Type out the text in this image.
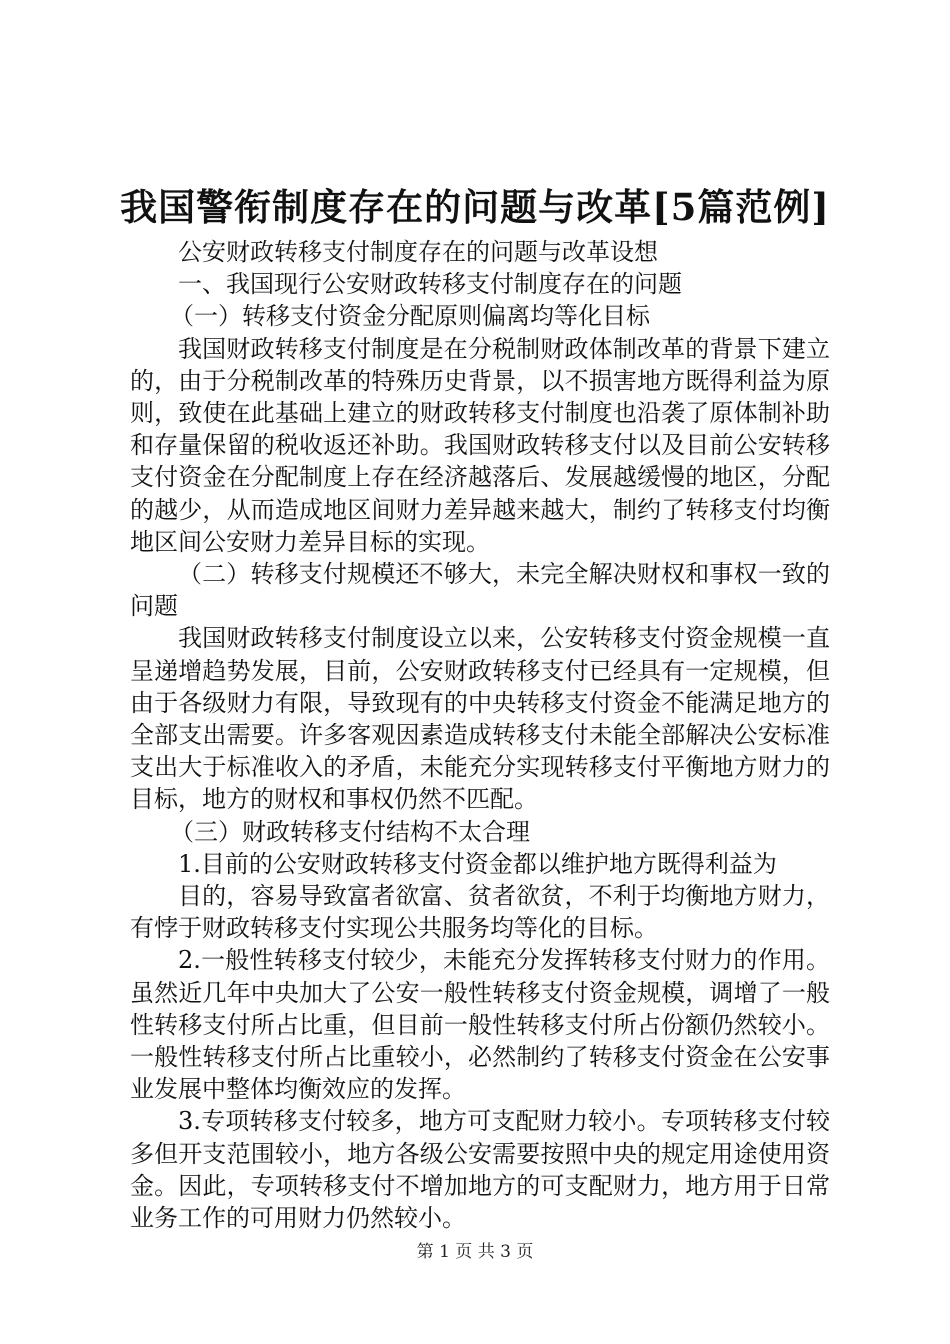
我国警衔制度存在的问题与改革[5篇范例]

公安财政转移支付制度存在的问题与改革设想

一、我国现行公安财政转移支付制度存在的问题

（一）转移支付资金分配原则偏离均等化目标

我国财政转移支付制度是在分税制财政体制改革的背景下建立的，由于分税制改革的特殊历史背景，以不损害地方既得利益为原则，致使在此基础上建立的财政转移支付制度也沿袭了原体制补助和存量保留的税收返还补助。我国财政转移支付以及目前公安转移支付资金在分配制度上存在经济越落后、发展越缓慢的地区，分配的越少，从而造成地区间财力差异越来越大，制约了转移支付均衡地区间公安财力差异目标的实现。

（二）转移支付规模还不够大，未完全解决财权和事权一致的问题

我国财政转移支付制度设立以来，公安转移支付资金规模一直呈递增趋势发展，目前，公安财政转移支付已经具有一定规模，但由于各级财力有限，导致现有的中央转移支付资金不能满足地方的全部支出需要。许多客观因素造成转移支付未能全部解决公安标准支出大于标准收入的矛盾，未能充分实现转移支付平衡地方财力的目标，地方的财权和事权仍然不匹配。

（三）财政转移支付结构不太合理

1.目前的公安财政转移支付资金都以维护地方既得利益为

目的，容易导致富者欲富、贫者欲贫，不利于均衡地方财力，有悖于财政转移支付实现公共服务均等化的目标。

2.一般性转移支付较少，未能充分发挥转移支付财力的作用。虽然近几年中央加大了公安一般性转移支付资金规模，调增了一般性转移支付所占比重，但目前一般性转移支付所占份额仍然较小。一般性转移支付所占比重较小，必然制约了转移支付资金在公安事业发展中整体均衡效应的发挥。

3.专项转移支付较多，地方可支配财力较小。专项转移支付较多但开支范围较小，地方各级公安需要按照中央的规定用途使用资金。因此，专项转移支付不增加地方的可支配财力，地方用于日常业务工作的可用财力仍然较小。

第 1 页 共 3 页
